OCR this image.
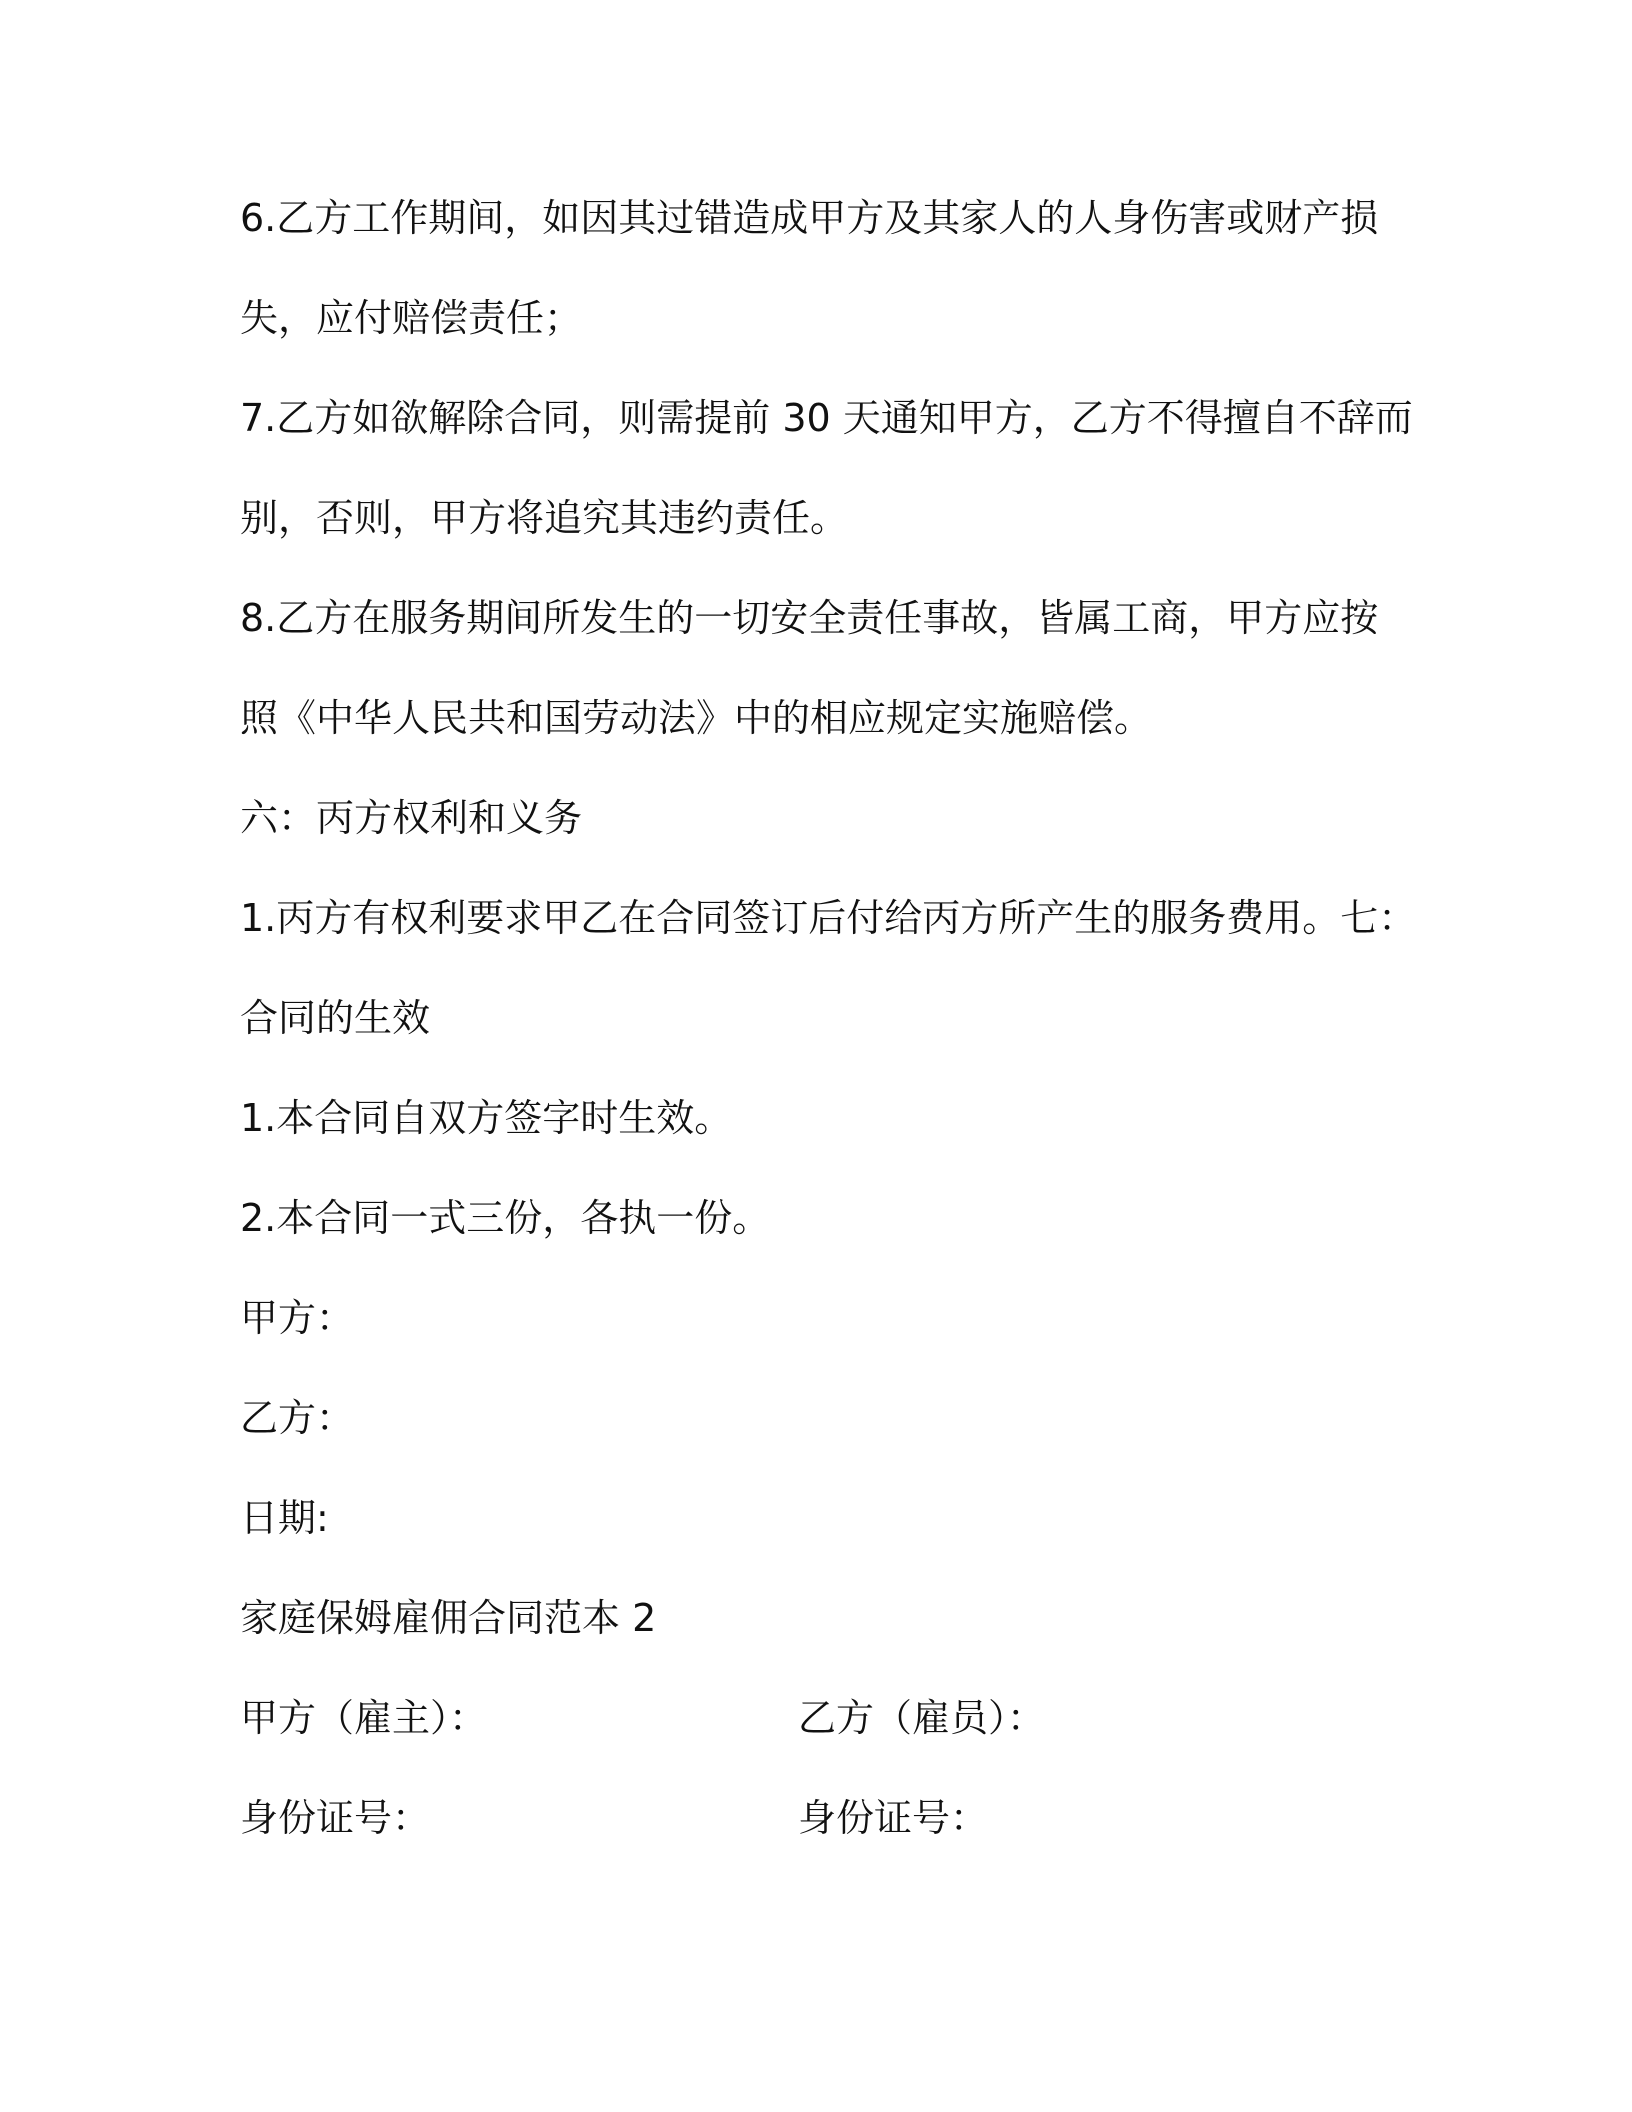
6.乙方工作期间，如因其过错造成甲方及其家人的人身伤害或财产损
失，应付赔偿责任；
7.乙方如欲解除合同，则需提前 30 天通知甲方，乙方不得擅自不辞而
别，否则，甲方将追究其违约责任。
8.乙方在服务期间所发生的一切安全责任事故，皆属工商，甲方应按
照《中华人民共和国劳动法》中的相应规定实施赔偿。
六：丙方权利和义务
1.丙方有权利要求甲乙在合同签订后付给丙方所产生的服务费用。七：
合同的生效
1.本合同自双方签字时生效。
2.本合同一式三份，各执一份。
甲方：
乙方：
日期:
家庭保姆雇佣合同范本 2
甲方（雇主）：	乙方（雇员）：
身份证号：	身份证号：
